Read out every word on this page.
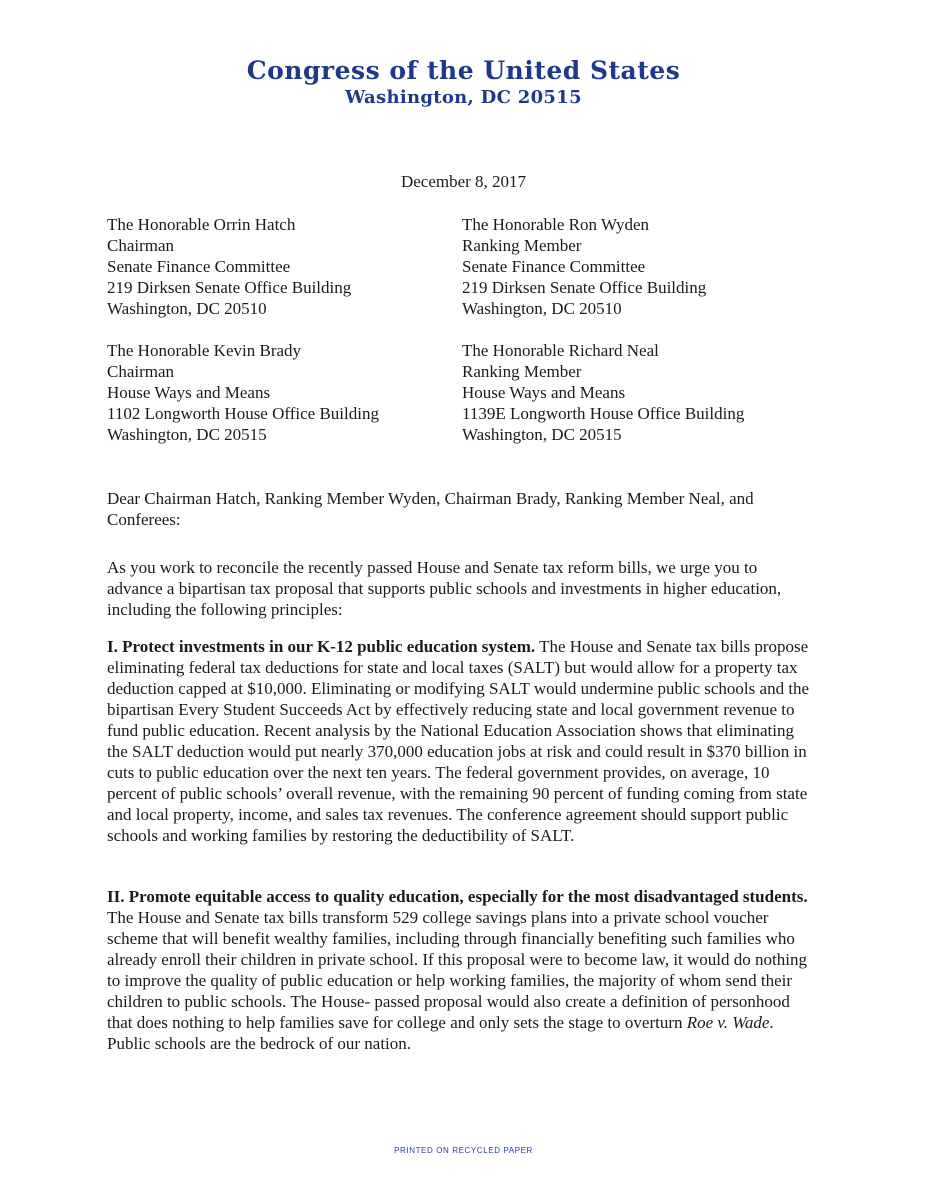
Congress of the United States
Washington, DC 20515
December 8, 2017
The Honorable Orrin Hatch
Chairman
Senate Finance Committee
219 Dirksen Senate Office Building
Washington, DC 20510
The Honorable Ron Wyden
Ranking Member
Senate Finance Committee
219 Dirksen Senate Office Building
Washington, DC 20510
The Honorable Kevin Brady
Chairman
House Ways and Means
1102 Longworth House Office Building
Washington, DC 20515
The Honorable Richard Neal
Ranking Member
House Ways and Means
1139E Longworth House Office Building
Washington, DC 20515

Dear Chairman Hatch, Ranking Member Wyden, Chairman Brady, Ranking Member Neal, and Conferees:

As you work to reconcile the recently passed House and Senate tax reform bills, we urge you to advance a bipartisan tax proposal that supports public schools and investments in higher education, including the following principles:

I. Protect investments in our K-12 public education system. The House and Senate tax bills propose eliminating federal tax deductions for state and local taxes (SALT) but would allow for a property tax deduction capped at $10,000. Eliminating or modifying SALT would undermine public schools and the bipartisan Every Student Succeeds Act by effectively reducing state and local government revenue to fund public education. Recent analysis by the National Education Association shows that eliminating the SALT deduction would put nearly 370,000 education jobs at risk and could result in $370 billion in cuts to public education over the next ten years. The federal government provides, on average, 10 percent of public schools’ overall revenue, with the remaining 90 percent of funding coming from state and local property, income, and sales tax revenues. The conference agreement should support public schools and working families by restoring the deductibility of SALT.

II. Promote equitable access to quality education, especially for the most disadvantaged students. The House and Senate tax bills transform 529 college savings plans into a private school voucher scheme that will benefit wealthy families, including through financially benefiting such families who already enroll their children in private school. If this proposal were to become law, it would do nothing to improve the quality of public education or help working families, the majority of whom send their children to public schools. The House- passed proposal would also create a definition of personhood that does nothing to help families save for college and only sets the stage to overturn Roe v. Wade. Public schools are the bedrock of our nation.

PRINTED ON RECYCLED PAPER
